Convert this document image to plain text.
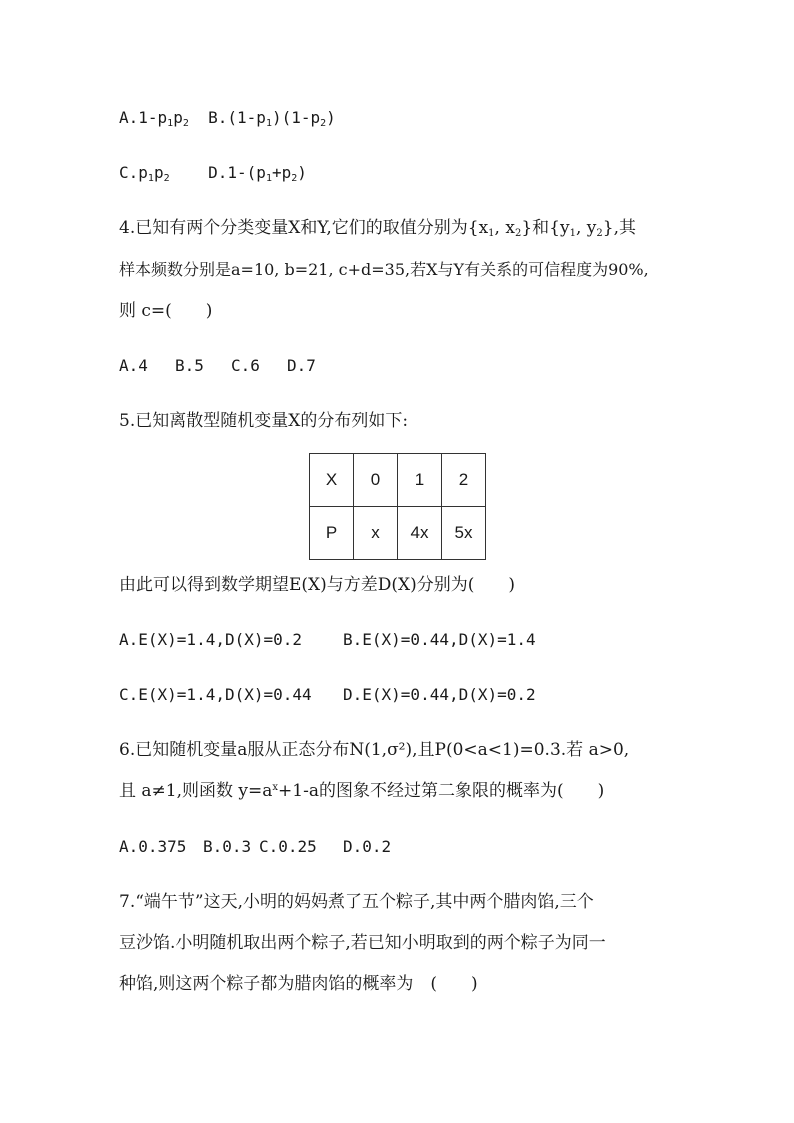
$A.1-p_1p_2$ $B.(1-p_1)(1-p_2)$
$C.p_1p_2$ $D.1-(p_1+p_2)$
4.已知有两个分类变量X和Y,它们的取值分别为{$x_1$, $x_2$}和{$y_1$, $y_2$},其
样本频数分别是a=10, b=21, c+d=35,若X与Y有关系的可信程度为90%,
则 c=(　　)
A.4 B.5 C.6 D.7
5.已知离散型随机变量X的分布列如下:
X	0	1	2
P	x	4x	5x
由此可以得到数学期望E(X)与方差D(X)分别为(　　)
A.E(X)=1.4,D(X)=0.2	B.E(X)=0.44,D(X)=1.4
C.E(X)=1.4,D(X)=0.44 D.E(X)=0.44,D(X)=0.2
6.已知随机变量a服从正态分布N(1,σ²),且P(0<a<1)=0.3.若 a>0,
且 a≠1,则函数 $y=a^x+1-a$的图象不经过第二象限的概率为(　　)
A.0.375 B.0.3 C.0.25 D.0.2
7.“端午节”这天,小明的妈妈煮了五个粽子,其中两个腊肉馅,三个
豆沙馅.小明随机取出两个粽子,若已知小明取到的两个粽子为同一
种馅,则这两个粽子都为腊肉馅的概率为　(　　)
